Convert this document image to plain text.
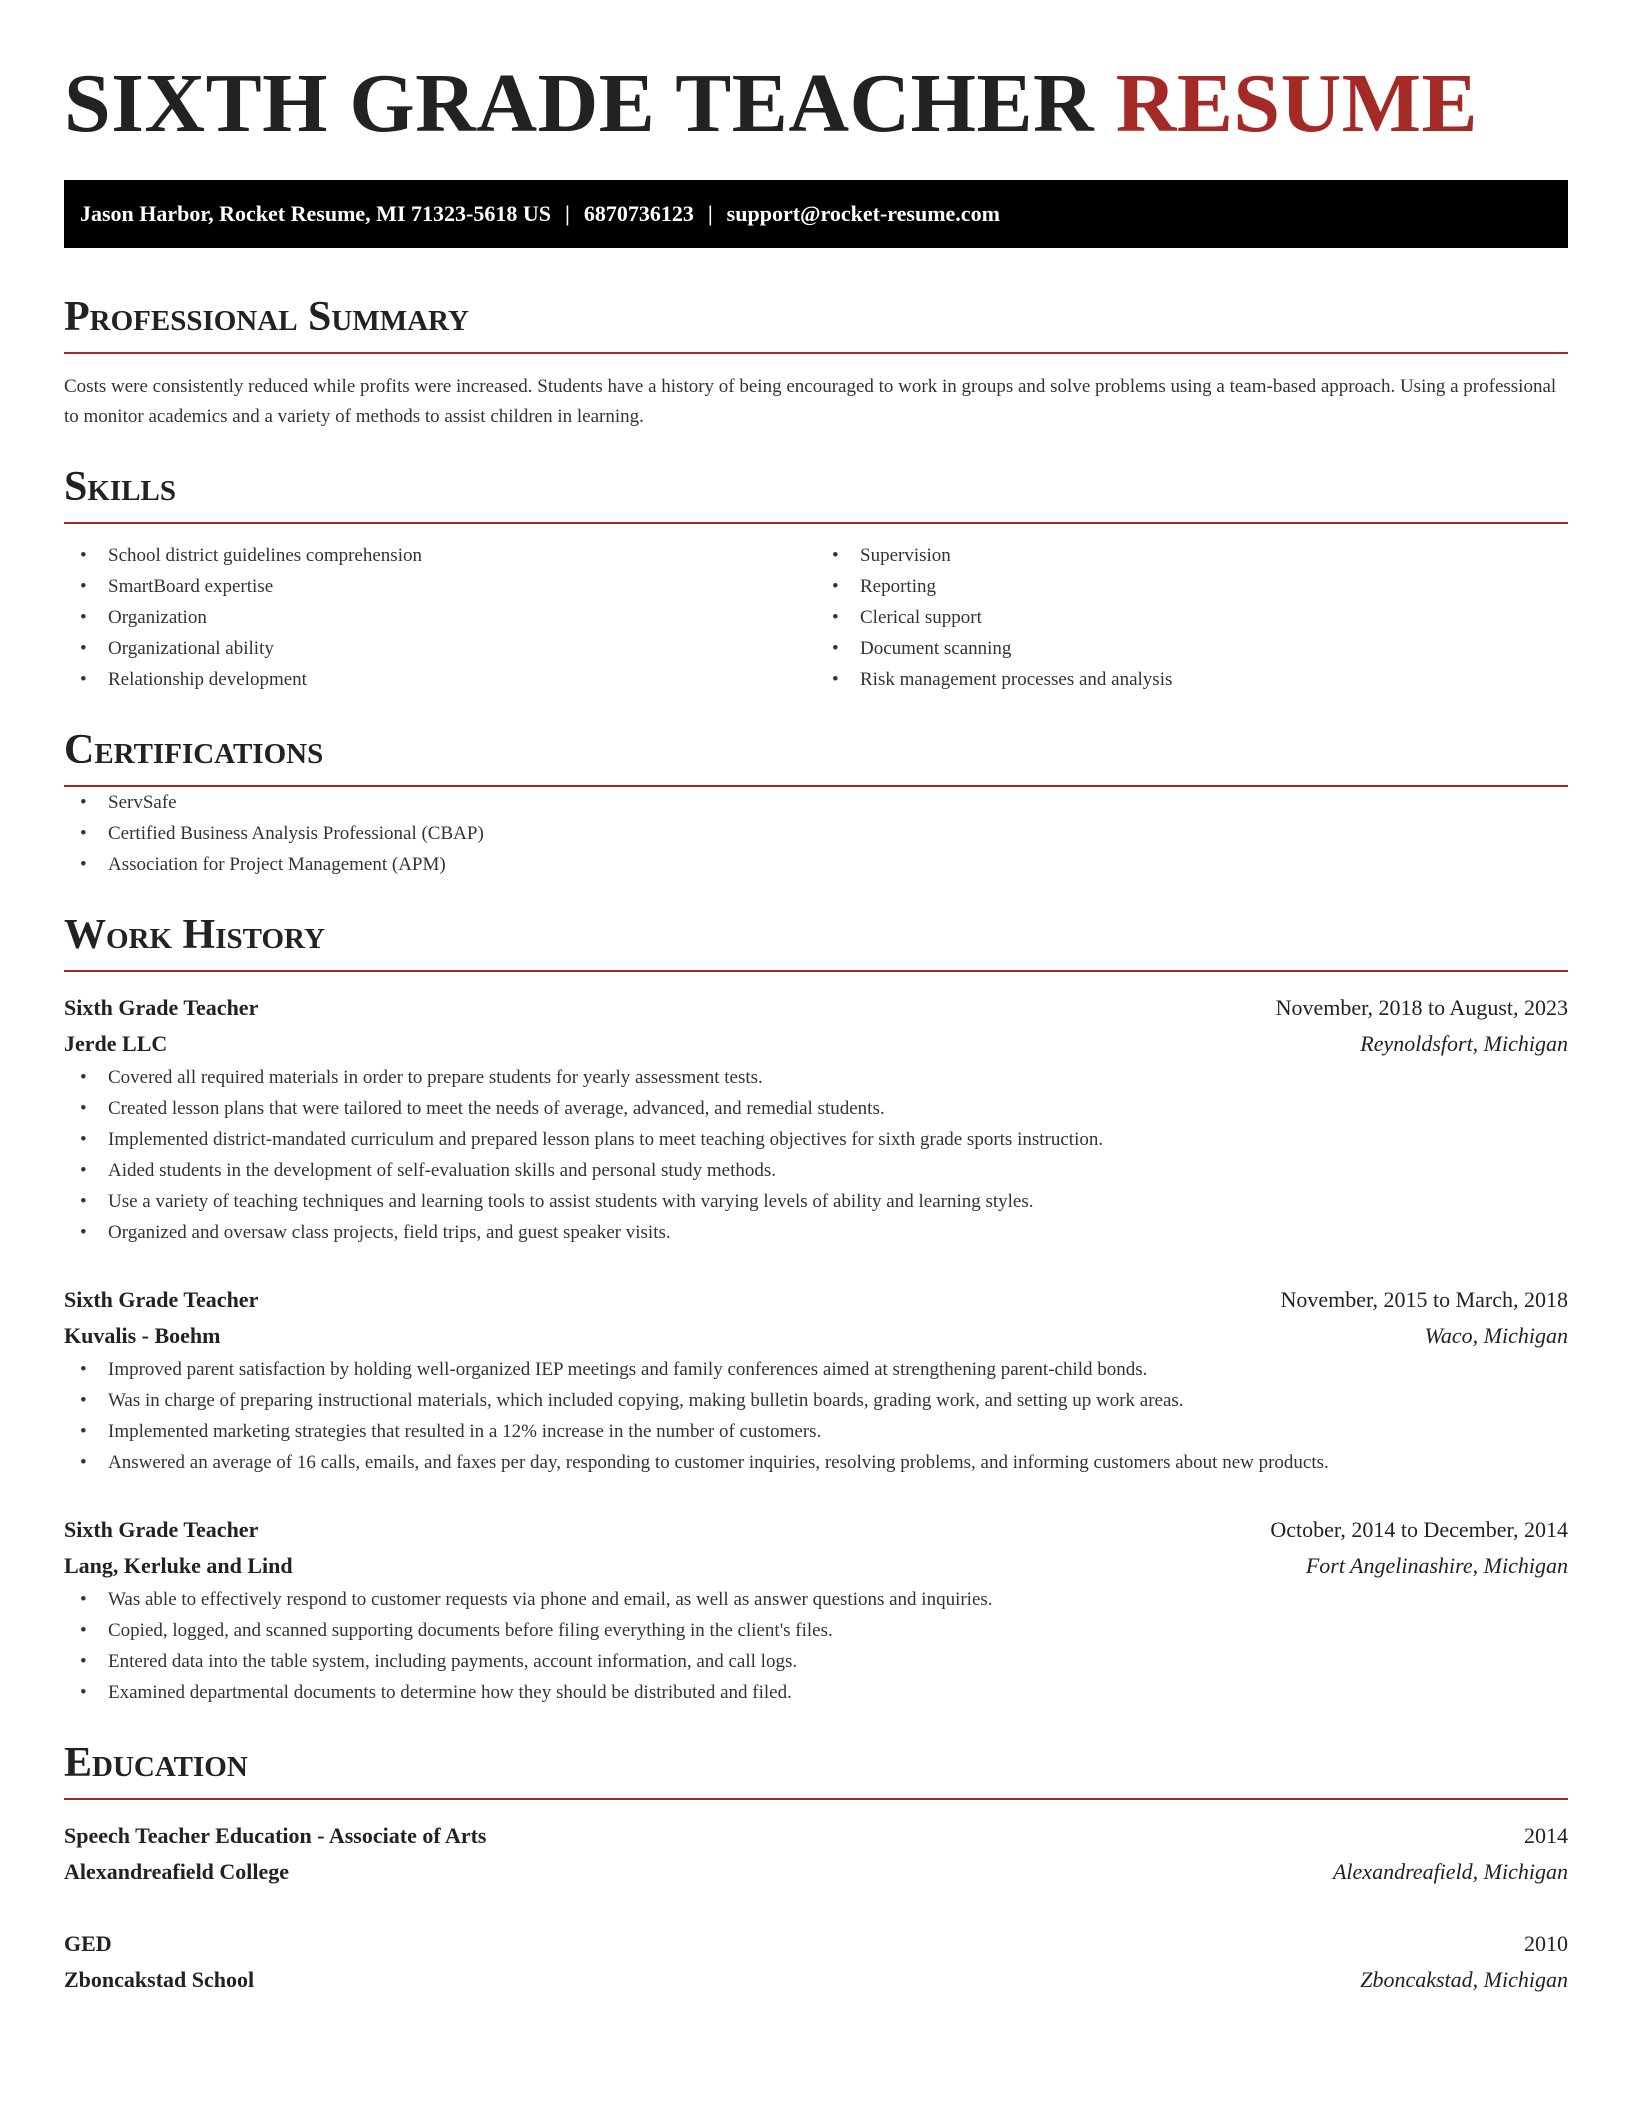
SIXTH GRADE TEACHER RESUME
Jason Harbor, Rocket Resume, MI 71323-5618 US | 6870736123 | support@rocket-resume.com
Professional Summary

Costs were consistently reduced while profits were increased. Students have a history of being encouraged to work in groups and solve problems using a team-based approach. Using a professional to monitor academics and a variety of methods to assist children in learning.

Skills
• School district guidelines comprehension
• SmartBoard expertise
• Organization
• Organizational ability
• Relationship development
• Supervision
• Reporting
• Clerical support
• Document scanning
• Risk management processes and analysis
Certifications
• ServSafe
• Certified Business Analysis Professional (CBAP)
• Association for Project Management (APM)
Work History
Sixth Grade Teacher	November, 2018 to August, 2023
Jerde LLC	Reynoldsfort, Michigan
• Covered all required materials in order to prepare students for yearly assessment tests.
• Created lesson plans that were tailored to meet the needs of average, advanced, and remedial students.
• Implemented district-mandated curriculum and prepared lesson plans to meet teaching objectives for sixth grade sports instruction.
• Aided students in the development of self-evaluation skills and personal study methods.
• Use a variety of teaching techniques and learning tools to assist students with varying levels of ability and learning styles.
• Organized and oversaw class projects, field trips, and guest speaker visits.
Sixth Grade Teacher	November, 2015 to March, 2018
Kuvalis - Boehm	Waco, Michigan
• Improved parent satisfaction by holding well-organized IEP meetings and family conferences aimed at strengthening parent-child bonds.
• Was in charge of preparing instructional materials, which included copying, making bulletin boards, grading work, and setting up work areas.
• Implemented marketing strategies that resulted in a 12% increase in the number of customers.
• Answered an average of 16 calls, emails, and faxes per day, responding to customer inquiries, resolving problems, and informing customers about new products.
Sixth Grade Teacher	October, 2014 to December, 2014
Lang, Kerluke and Lind	Fort Angelinashire, Michigan
• Was able to effectively respond to customer requests via phone and email, as well as answer questions and inquiries.
• Copied, logged, and scanned supporting documents before filing everything in the client's files.
• Entered data into the table system, including payments, account information, and call logs.
• Examined departmental documents to determine how they should be distributed and filed.
Education
Speech Teacher Education - Associate of Arts	2014
Alexandreafield College	Alexandreafield, Michigan
GED	2010
Zboncakstad School	Zboncakstad, Michigan
